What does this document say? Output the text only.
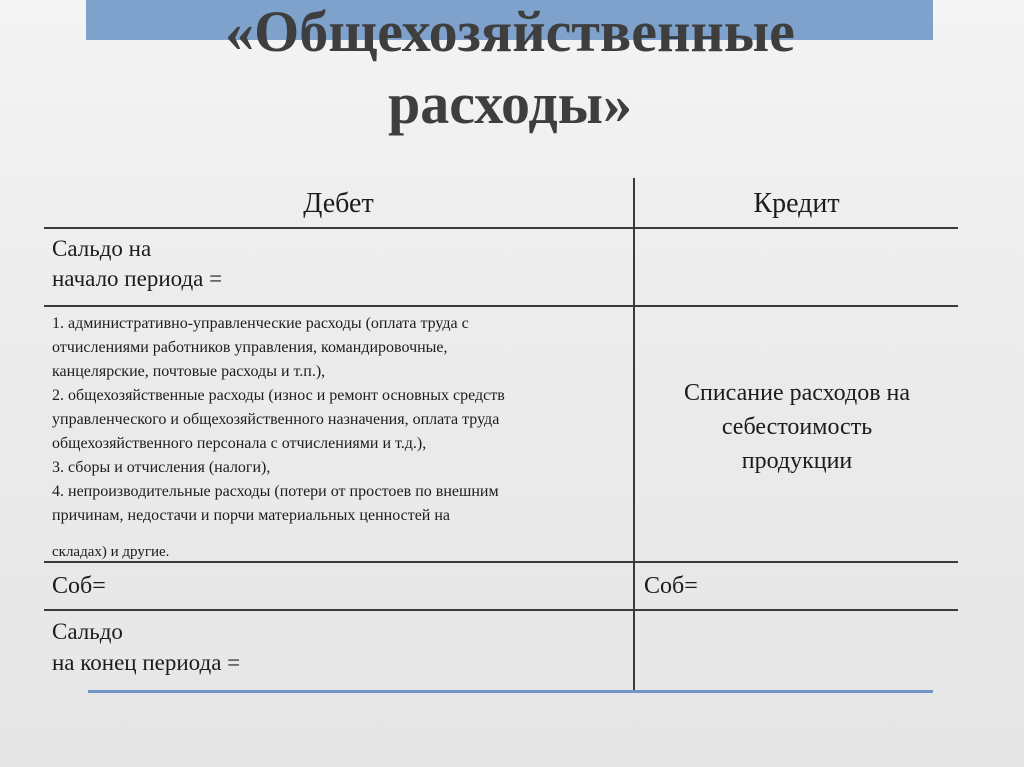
«Общехозяйственные
расходы»
Дебет	Кредит
Сальдо на
начало периода =
1. административно-управленческие расходы (оплата труда с
отчислениями работников управления, командировочные,
канцелярские, почтовые расходы и т.п.),
2. общехозяйственные расходы (износ и ремонт основных средств
управленческого и общехозяйственного назначения, оплата труда
общехозяйственного персонала с отчислениями и т.д.),
3. сборы и отчисления (налоги),
4. непроизводительные расходы (потери от простоев по внешним
причинам, недостачи и порчи материальных ценностей на
складах) и другие.
Списание расходов на
себестоимость
продукции
Соб=	Соб=
Сальдо
на конец периода =
